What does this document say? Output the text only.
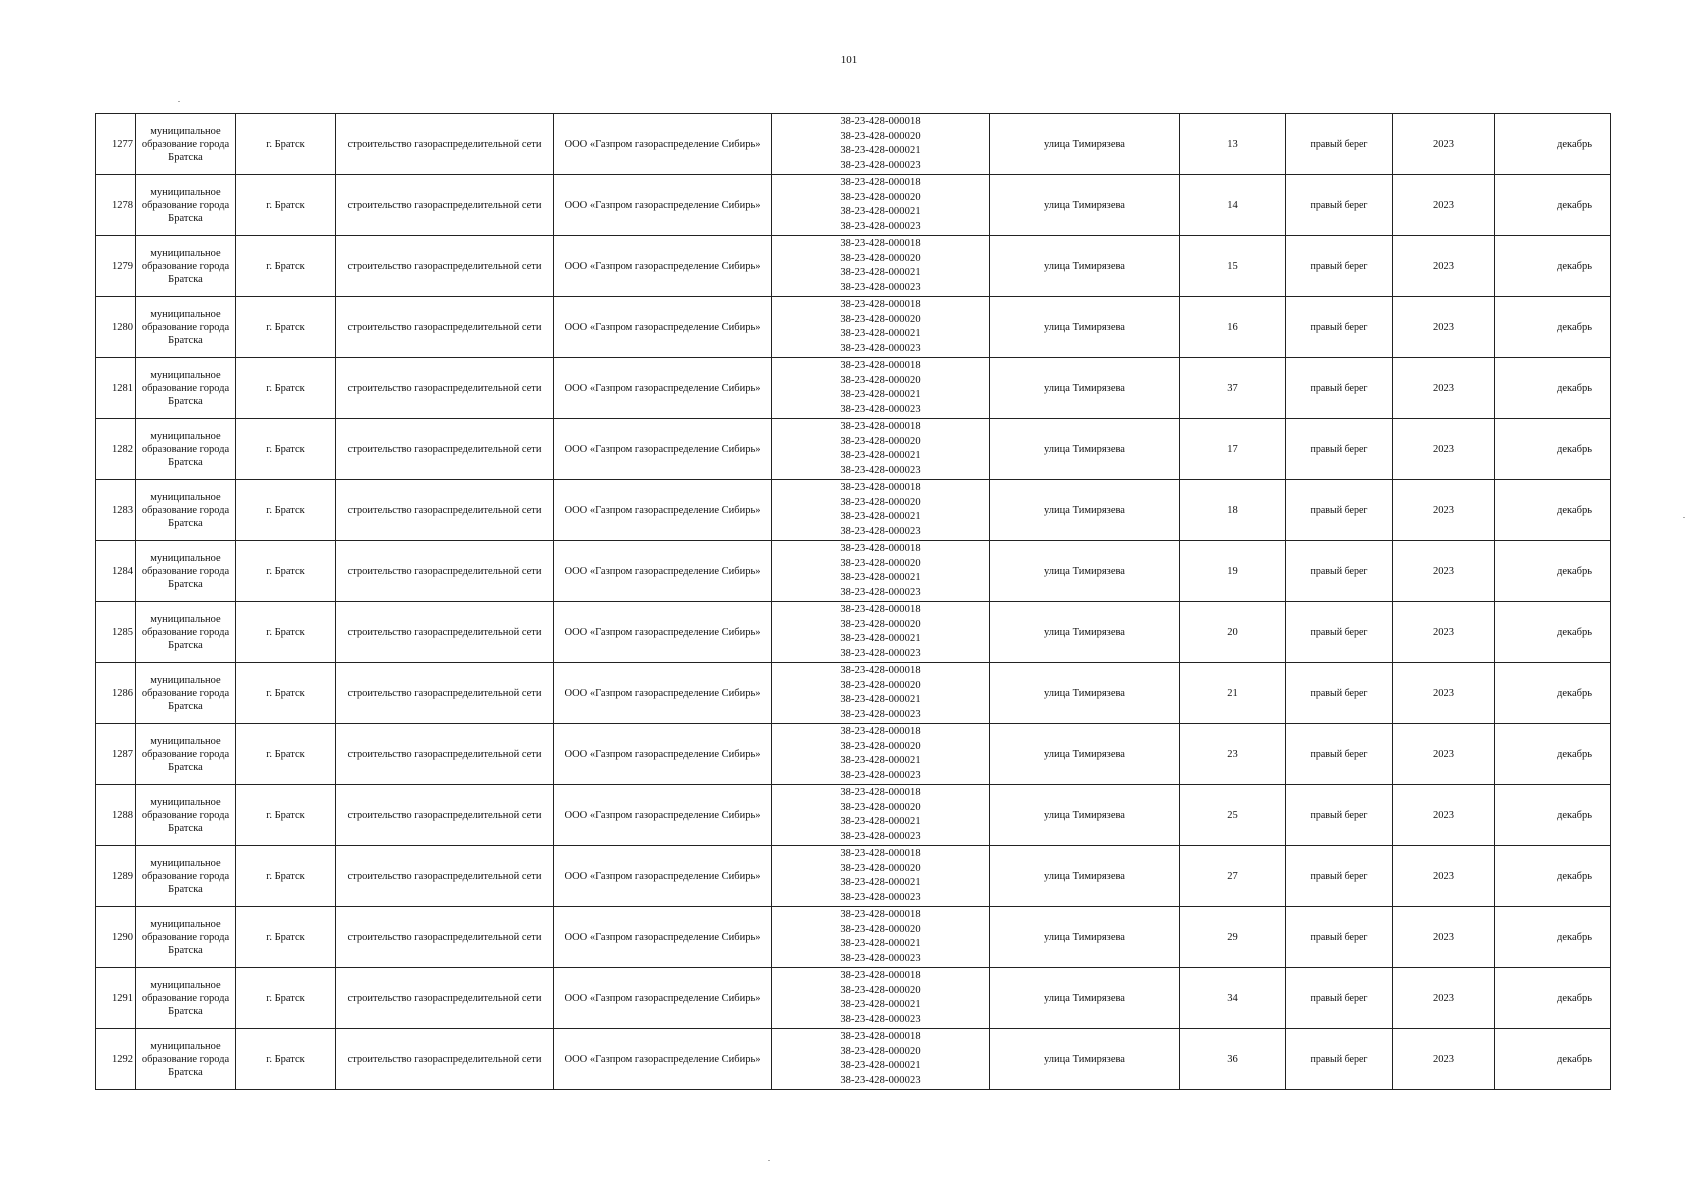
101
1277	муниципальное образование города Братска	г. Братск	строительство газораспределительной сети	ООО «Газпром газораспределение Сибирь»	38-23-428-000018
38-23-428-000020
38-23-428-000021
38-23-428-000023	улица Тимирязева	13	правый берег	2023	декабрь
1278	муниципальное образование города Братска	г. Братск	строительство газораспределительной сети	ООО «Газпром газораспределение Сибирь»	38-23-428-000018
38-23-428-000020
38-23-428-000021
38-23-428-000023	улица Тимирязева	14	правый берег	2023	декабрь
1279	муниципальное образование города Братска	г. Братск	строительство газораспределительной сети	ООО «Газпром газораспределение Сибирь»	38-23-428-000018
38-23-428-000020
38-23-428-000021
38-23-428-000023	улица Тимирязева	15	правый берег	2023	декабрь
1280	муниципальное образование города Братска	г. Братск	строительство газораспределительной сети	ООО «Газпром газораспределение Сибирь»	38-23-428-000018
38-23-428-000020
38-23-428-000021
38-23-428-000023	улица Тимирязева	16	правый берег	2023	декабрь
1281	муниципальное образование города Братска	г. Братск	строительство газораспределительной сети	ООО «Газпром газораспределение Сибирь»	38-23-428-000018
38-23-428-000020
38-23-428-000021
38-23-428-000023	улица Тимирязева	37	правый берег	2023	декабрь
1282	муниципальное образование города Братска	г. Братск	строительство газораспределительной сети	ООО «Газпром газораспределение Сибирь»	38-23-428-000018
38-23-428-000020
38-23-428-000021
38-23-428-000023	улица Тимирязева	17	правый берег	2023	декабрь
1283	муниципальное образование города Братска	г. Братск	строительство газораспределительной сети	ООО «Газпром газораспределение Сибирь»	38-23-428-000018
38-23-428-000020
38-23-428-000021
38-23-428-000023	улица Тимирязева	18	правый берег	2023	декабрь
1284	муниципальное образование города Братска	г. Братск	строительство газораспределительной сети	ООО «Газпром газораспределение Сибирь»	38-23-428-000018
38-23-428-000020
38-23-428-000021
38-23-428-000023	улица Тимирязева	19	правый берег	2023	декабрь
1285	муниципальное образование города Братска	г. Братск	строительство газораспределительной сети	ООО «Газпром газораспределение Сибирь»	38-23-428-000018
38-23-428-000020
38-23-428-000021
38-23-428-000023	улица Тимирязева	20	правый берег	2023	декабрь
1286	муниципальное образование города Братска	г. Братск	строительство газораспределительной сети	ООО «Газпром газораспределение Сибирь»	38-23-428-000018
38-23-428-000020
38-23-428-000021
38-23-428-000023	улица Тимирязева	21	правый берег	2023	декабрь
1287	муниципальное образование города Братска	г. Братск	строительство газораспределительной сети	ООО «Газпром газораспределение Сибирь»	38-23-428-000018
38-23-428-000020
38-23-428-000021
38-23-428-000023	улица Тимирязева	23	правый берег	2023	декабрь
1288	муниципальное образование города Братска	г. Братск	строительство газораспределительной сети	ООО «Газпром газораспределение Сибирь»	38-23-428-000018
38-23-428-000020
38-23-428-000021
38-23-428-000023	улица Тимирязева	25	правый берег	2023	декабрь
1289	муниципальное образование города Братска	г. Братск	строительство газораспределительной сети	ООО «Газпром газораспределение Сибирь»	38-23-428-000018
38-23-428-000020
38-23-428-000021
38-23-428-000023	улица Тимирязева	27	правый берег	2023	декабрь
1290	муниципальное образование города Братска	г. Братск	строительство газораспределительной сети	ООО «Газпром газораспределение Сибирь»	38-23-428-000018
38-23-428-000020
38-23-428-000021
38-23-428-000023	улица Тимирязева	29	правый берег	2023	декабрь
1291	муниципальное образование города Братска	г. Братск	строительство газораспределительной сети	ООО «Газпром газораспределение Сибирь»	38-23-428-000018
38-23-428-000020
38-23-428-000021
38-23-428-000023	улица Тимирязева	34	правый берег	2023	декабрь
1292	муниципальное образование города Братска	г. Братск	строительство газораспределительной сети	ООО «Газпром газораспределение Сибирь»	38-23-428-000018
38-23-428-000020
38-23-428-000021
38-23-428-000023	улица Тимирязева	36	правый берег	2023	декабрь
